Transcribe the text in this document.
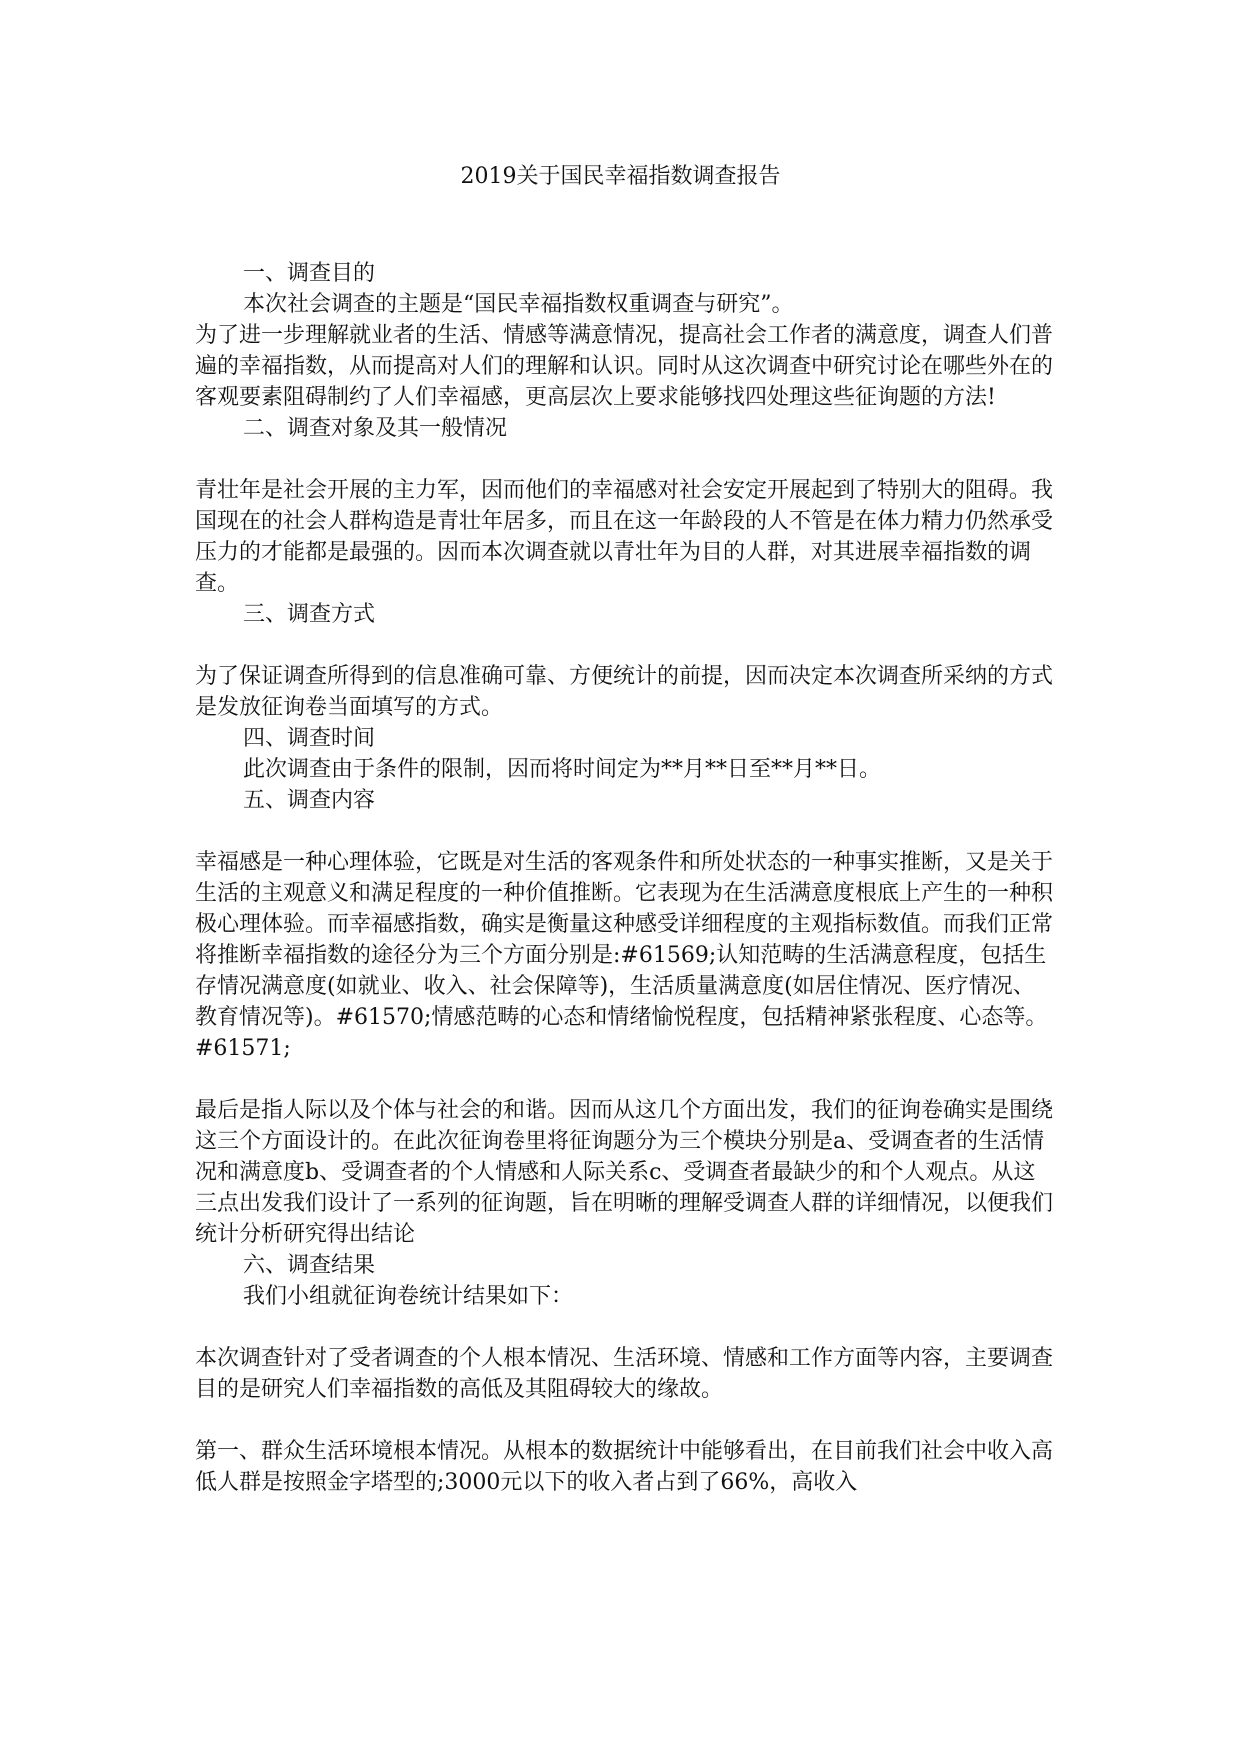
2019关于国民幸福指数调查报告

一、调查目的

本次社会调查的主题是“国民幸福指数权重调查与研究”。

为了进一步理解就业者的生活、情感等满意情况，提高社会工作者的满意度，调查人们普遍的幸福指数，从而提高对人们的理解和认识。同时从这次调查中研究讨论在哪些外在的客观要素阻碍制约了人们幸福感，更高层次上要求能够找四处理这些征询题的方法!

二、调查对象及其一般情况

青壮年是社会开展的主力军，因而他们的幸福感对社会安定开展起到了特别大的阻碍。我国现在的社会人群构造是青壮年居多，而且在这一年龄段的人不管是在体力精力仍然承受压力的才能都是最强的。因而本次调查就以青壮年为目的人群，对其进展幸福指数的调查。

三、调查方式

为了保证调查所得到的信息准确可靠、方便统计的前提，因而决定本次调查所采纳的方式是发放征询卷当面填写的方式。

四、调查时间

此次调查由于条件的限制，因而将时间定为**月**日至**月**日。

五、调查内容

幸福感是一种心理体验，它既是对生活的客观条件和所处状态的一种事实推断，又是关于生活的主观意义和满足程度的一种价值推断。它表现为在生活满意度根底上产生的一种积极心理体验。而幸福感指数，确实是衡量这种感受详细程度的主观指标数值。而我们正常将推断幸福指数的途径分为三个方面分别是:#61569;认知范畴的生活满意程度，包括生存情况满意度(如就业、收入、社会保障等)，生活质量满意度(如居住情况、医疗情况、教育情况等)。#61570;情感范畴的心态和情绪愉悦程度，包括精神紧张程度、心态等。#61571;

最后是指人际以及个体与社会的和谐。因而从这几个方面出发，我们的征询卷确实是围绕这三个方面设计的。在此次征询卷里将征询题分为三个模块分别是a、受调查者的生活情况和满意度b、受调查者的个人情感和人际关系c、受调查者最缺少的和个人观点。从这三点出发我们设计了一系列的征询题，旨在明晰的理解受调查人群的详细情况，以便我们统计分析研究得出结论

六、调查结果

我们小组就征询卷统计结果如下：

本次调查针对了受者调查的个人根本情况、生活环境、情感和工作方面等内容，主要调查目的是研究人们幸福指数的高低及其阻碍较大的缘故。

第一、群众生活环境根本情况。从根本的数据统计中能够看出，在目前我们社会中收入高低人群是按照金字塔型的;3000元以下的收入者占到了66%，高收入
